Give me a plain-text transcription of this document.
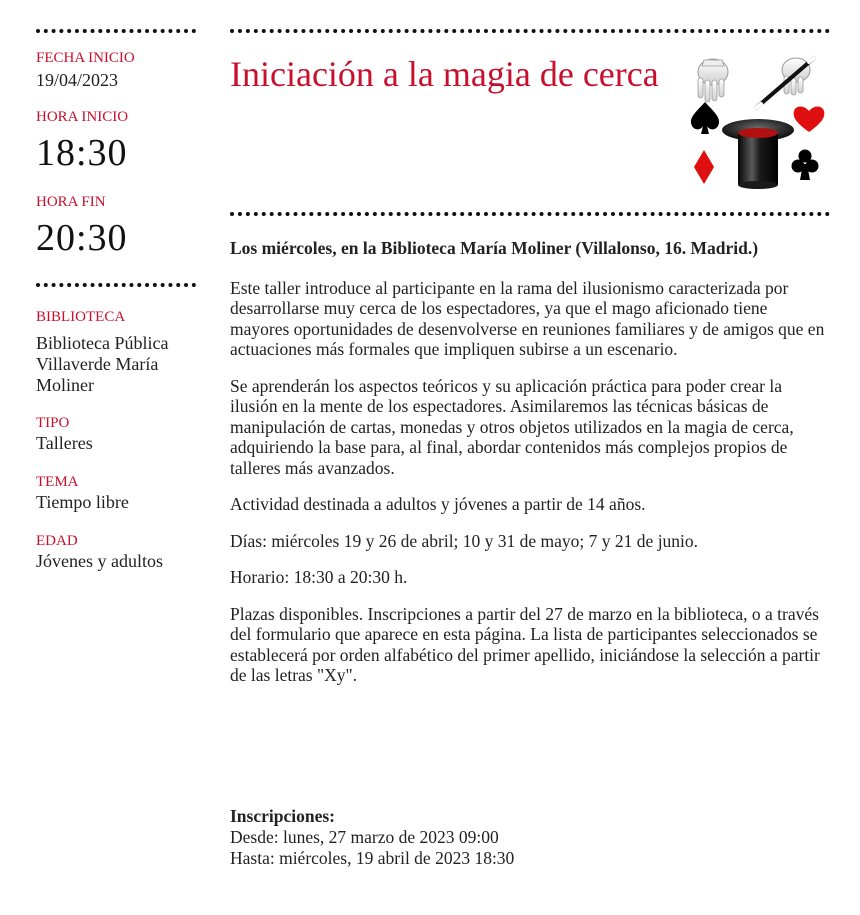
FECHA INICIO
19/04/2023
HORA INICIO
18:30
HORA FIN
20:30
BIBLIOTECA
Biblioteca Pública Villaverde María Moliner
TIPO
Talleres
TEMA
Tiempo libre
EDAD
Jóvenes y adultos
Iniciación a la magia de cerca

Los miércoles, en la Biblioteca María Moliner (Villalonso, 16. Madrid.)

Este taller introduce al participante en la rama del ilusionismo caracterizada por desarrollarse muy cerca de los espectadores, ya que el mago aficionado tiene mayores oportunidades de desenvolverse en reuniones familiares y de amigos que en actuaciones más formales que impliquen subirse a un escenario.

Se aprenderán los aspectos teóricos y su aplicación práctica para poder crear la ilusión en la mente de los espectadores. Asimilaremos las técnicas básicas de manipulación de cartas, monedas y otros objetos utilizados en la magia de cerca, adquiriendo la base para, al final, abordar contenidos más complejos propios de talleres más avanzados.

Actividad destinada a adultos y jóvenes a partir de 14 años.

Días: miércoles 19 y 26 de abril; 10 y 31 de mayo; 7 y 21 de junio.

Horario: 18:30 a 20:30 h.

Plazas disponibles. Inscripciones a partir del 27 de marzo en la biblioteca, o a través del formulario que aparece en esta página. La lista de participantes seleccionados se establecerá por orden alfabético del primer apellido, iniciándose la selección a partir de las letras "Xy".

Inscripciones:
Desde: lunes, 27 marzo de 2023 09:00
Hasta: miércoles, 19 abril de 2023 18:30
